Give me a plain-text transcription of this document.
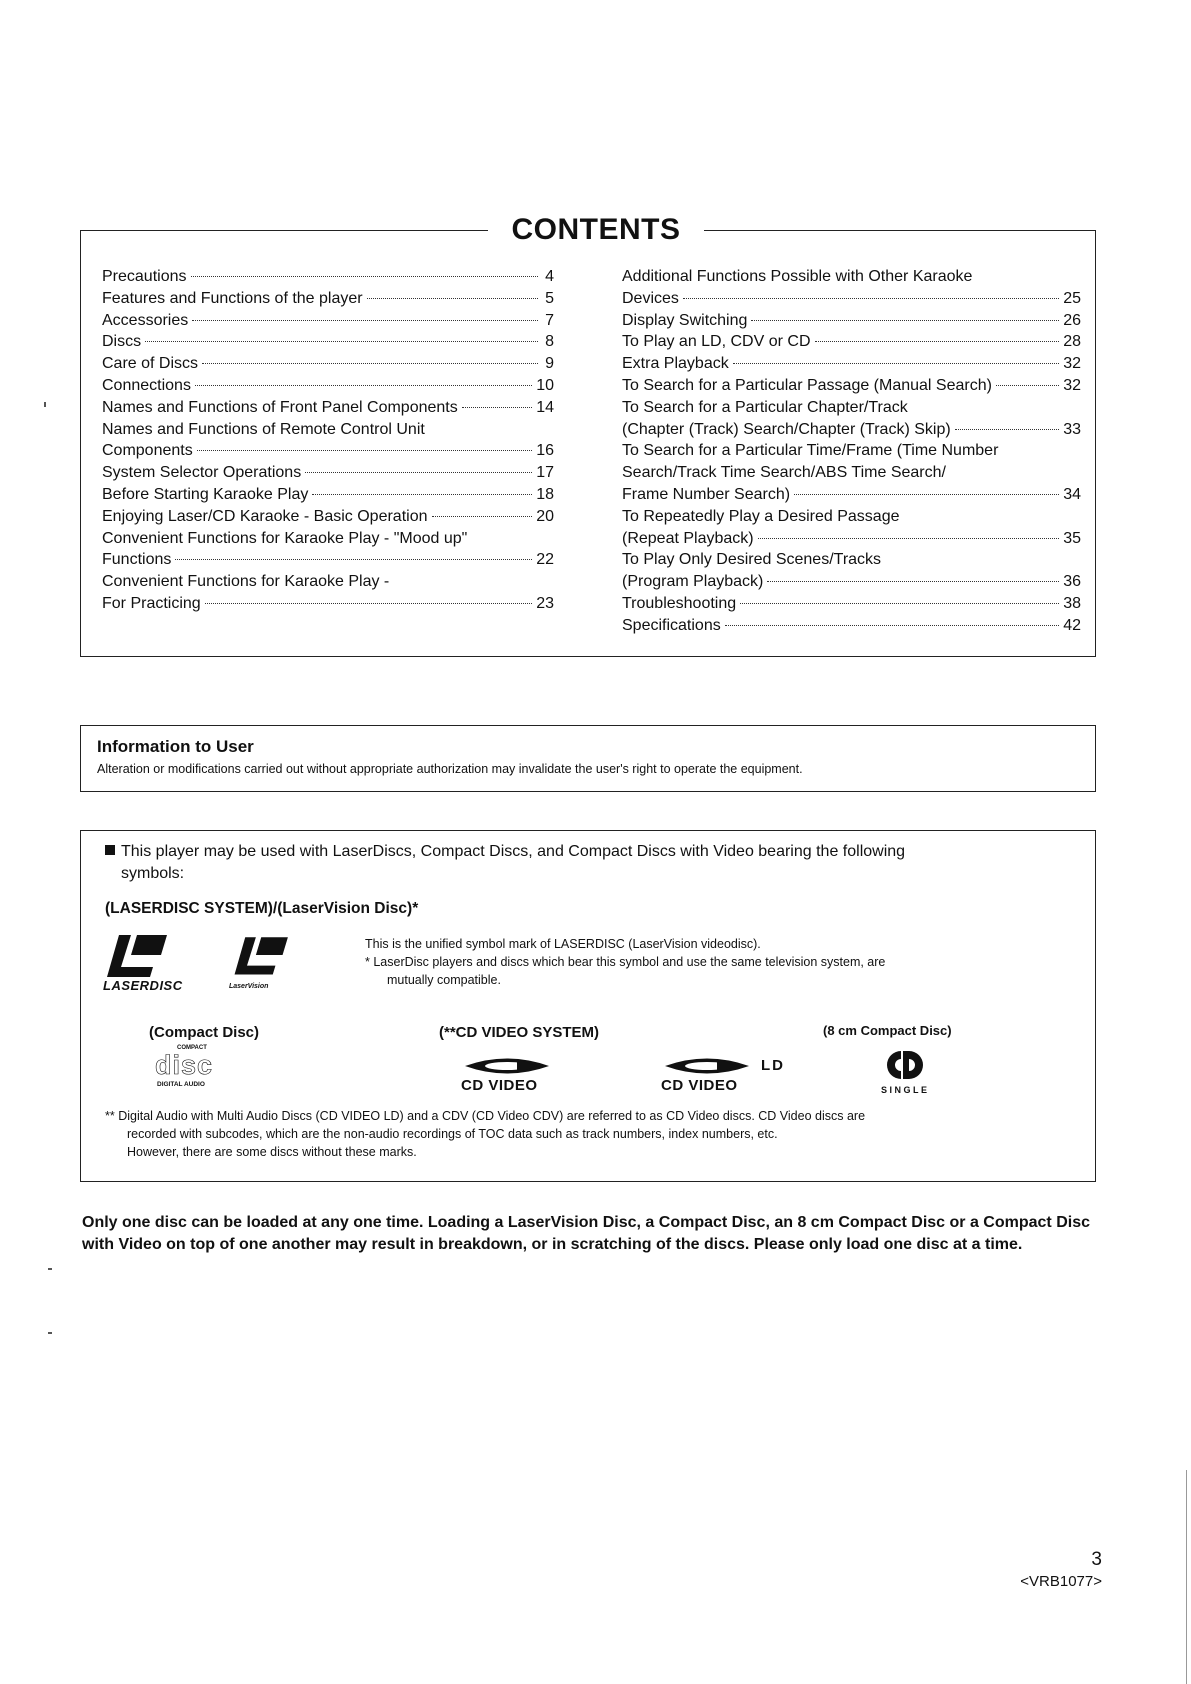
CONTENTS
Precautions	4
Features and Functions of the player	5
Accessories	7
Discs	8
Care of Discs	9
Connections	10
Names and Functions of Front Panel Components	14
Names and Functions of Remote Control Unit
Components	16
System Selector Operations	17
Before Starting Karaoke Play	18
Enjoying Laser/CD Karaoke - Basic Operation	20
Convenient Functions for Karaoke Play - "Mood up"
Functions	22
Convenient Functions for Karaoke Play -
For Practicing	23
Additional Functions Possible with Other Karaoke
Devices	25
Display Switching	26
To Play an LD, CDV or CD	28
Extra Playback	32
To Search for a Particular Passage (Manual Search)	32
To Search for a Particular Chapter/Track
(Chapter (Track) Search/Chapter (Track) Skip)	33
To Search for a Particular Time/Frame (Time Number
Search/Track Time Search/ABS Time Search/
Frame Number Search)	34
To Repeatedly Play a Desired Passage
(Repeat Playback)	35
To Play Only Desired Scenes/Tracks
(Program Playback)	36
Troubleshooting	38
Specifications	42
Information to User
Alteration or modifications carried out without appropriate authorization may invalidate the user's right to operate the equipment.
This player may be used with LaserDiscs, Compact Discs, and Compact Discs with Video bearing the following
symbols:
(LASERDISC SYSTEM)/(LaserVision Disc)*
LASERDISC	LaserVision
This is the unified symbol mark of LASERDISC (LaserVision videodisc).
* LaserDisc players and discs which bear this symbol and use the same television system, are
mutually compatible.
(Compact Disc)	(**CD VIDEO SYSTEM)	(8 cm Compact Disc)
COMPACT
disc
DIGITAL AUDIO	CD VIDEO
LD
CD VIDEO	SINGLE
** Digital Audio with Multi Audio Discs (CD VIDEO LD) and a CDV (CD Video CDV) are referred to as CD Video discs. CD Video discs are
recorded with subcodes, which are the non-audio recordings of TOC data such as track numbers, index numbers, etc.
However, there are some discs without these marks.
Only one disc can be loaded at any one time. Loading a LaserVision Disc, a Compact Disc, an 8 cm Compact Disc or a Compact Disc with Video on top of one another may result in breakdown, or in scratching of the discs. Please only load one disc at a time.
3
<VRB1077>
